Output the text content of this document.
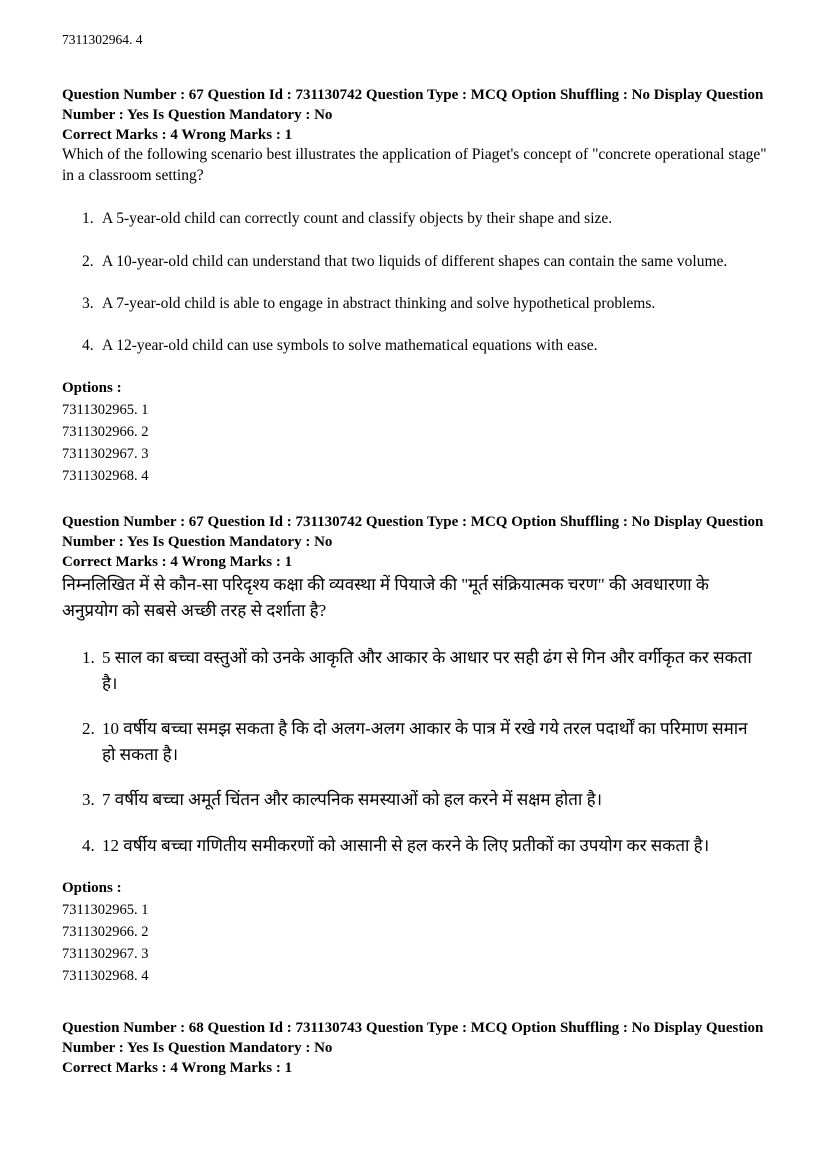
7311302964. 4
Question Number : 67 Question Id : 731130742 Question Type : MCQ Option Shuffling : No Display Question Number : Yes Is Question Mandatory : No
Correct Marks : 4 Wrong Marks : 1
Which of the following scenario best illustrates the application of Piaget's concept of "concrete operational stage" in a classroom setting?
1. A 5-year-old child can correctly count and classify objects by their shape and size.
2. A 10-year-old child can understand that two liquids of different shapes can contain the same volume.
3. A 7-year-old child is able to engage in abstract thinking and solve hypothetical problems.
4. A 12-year-old child can use symbols to solve mathematical equations with ease.
Options :
7311302965. 1
7311302966. 2
7311302967. 3
7311302968. 4
Question Number : 67 Question Id : 731130742 Question Type : MCQ Option Shuffling : No Display Question Number : Yes Is Question Mandatory : No
Correct Marks : 4 Wrong Marks : 1
निम्नलिखित में से कौन-सा परिदृश्य कक्षा की व्यवस्था में पियाजे की "मूर्त संक्रियात्मक चरण" की अवधारणा के अनुप्रयोग को सबसे अच्छी तरह से दर्शाता है?
1. 5 साल का बच्चा वस्तुओं को उनके आकृति और आकार के आधार पर सही ढंग से गिन और वर्गीकृत कर सकता है।
2. 10 वर्षीय बच्चा समझ सकता है कि दो अलग-अलग आकार के पात्र में रखे गये तरल पदार्थों का परिमाण समान हो सकता है।
3. 7 वर्षीय बच्चा अमूर्त चिंतन और काल्पनिक समस्याओं को हल करने में सक्षम होता है।
4. 12 वर्षीय बच्चा गणितीय समीकरणों को आसानी से हल करने के लिए प्रतीकों का उपयोग कर सकता है।
Options :
7311302965. 1
7311302966. 2
7311302967. 3
7311302968. 4
Question Number : 68 Question Id : 731130743 Question Type : MCQ Option Shuffling : No Display Question Number : Yes Is Question Mandatory : No
Correct Marks : 4 Wrong Marks : 1
